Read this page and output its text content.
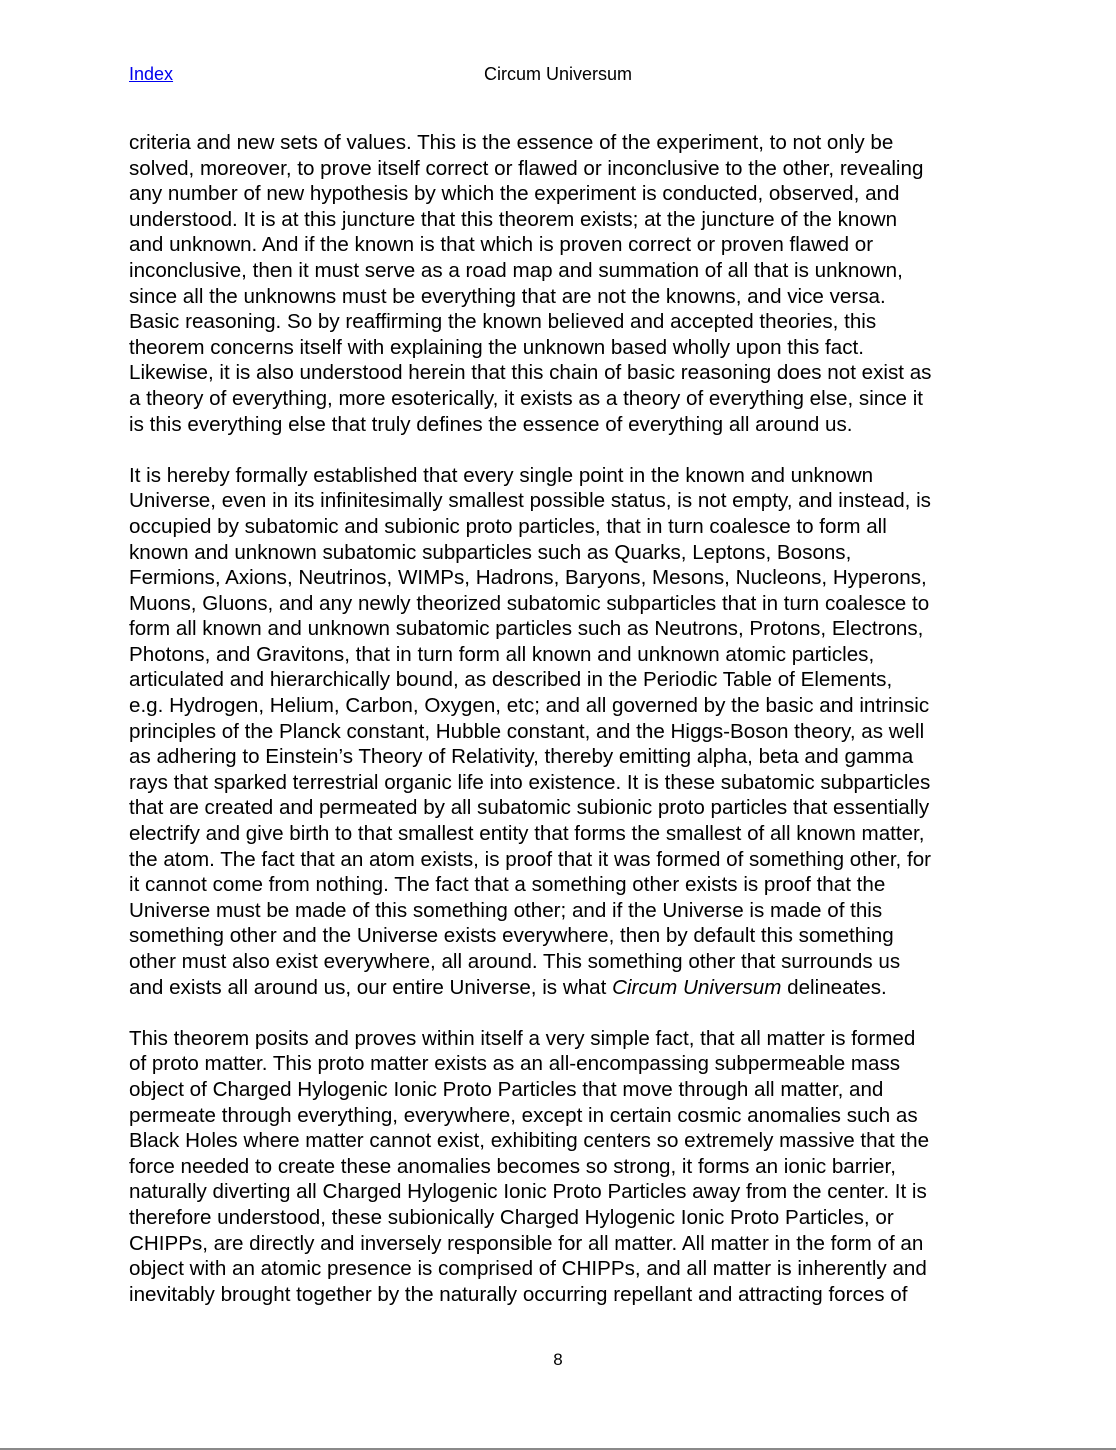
Index	Circum Universum

criteria and new sets of values. This is the essence of the experiment, to not only be
solved, moreover, to prove itself correct or flawed or inconclusive to the other, revealing
any number of new hypothesis by which the experiment is conducted, observed, and
understood. It is at this juncture that this theorem exists; at the juncture of the known
and unknown. And if the known is that which is proven correct or proven flawed or
inconclusive, then it must serve as a road map and summation of all that is unknown,
since all the unknowns must be everything that are not the knowns, and vice versa.
Basic reasoning. So by reaffirming the known believed and accepted theories, this
theorem concerns itself with explaining the unknown based wholly upon this fact.
Likewise, it is also understood herein that this chain of basic reasoning does not exist as
a theory of everything, more esoterically, it exists as a theory of everything else, since it
is this everything else that truly defines the essence of everything all around us.

It is hereby formally established that every single point in the known and unknown
Universe, even in its infinitesimally smallest possible status, is not empty, and instead, is
occupied by subatomic and subionic proto particles, that in turn coalesce to form all
known and unknown subatomic subparticles such as Quarks, Leptons, Bosons,
Fermions, Axions, Neutrinos, WIMPs, Hadrons, Baryons, Mesons, Nucleons, Hyperons,
Muons, Gluons, and any newly theorized subatomic subparticles that in turn coalesce to
form all known and unknown subatomic particles such as Neutrons, Protons, Electrons,
Photons, and Gravitons, that in turn form all known and unknown atomic particles,
articulated and hierarchically bound, as described in the Periodic Table of Elements,
e.g. Hydrogen, Helium, Carbon, Oxygen, etc; and all governed by the basic and intrinsic
principles of the Planck constant, Hubble constant, and the Higgs-Boson theory, as well
as adhering to Einstein’s Theory of Relativity, thereby emitting alpha, beta and gamma
rays that sparked terrestrial organic life into existence. It is these subatomic subparticles
that are created and permeated by all subatomic subionic proto particles that essentially
electrify and give birth to that smallest entity that forms the smallest of all known matter,
the atom. The fact that an atom exists, is proof that it was formed of something other, for
it cannot come from nothing. The fact that a something other exists is proof that the
Universe must be made of this something other; and if the Universe is made of this
something other and the Universe exists everywhere, then by default this something
other must also exist everywhere, all around. This something other that surrounds us
and exists all around us, our entire Universe, is what Circum Universum delineates.

This theorem posits and proves within itself a very simple fact, that all matter is formed
of proto matter. This proto matter exists as an all-encompassing subpermeable mass
object of Charged Hylogenic Ionic Proto Particles that move through all matter, and
permeate through everything, everywhere, except in certain cosmic anomalies such as
Black Holes where matter cannot exist, exhibiting centers so extremely massive that the
force needed to create these anomalies becomes so strong, it forms an ionic barrier,
naturally diverting all Charged Hylogenic Ionic Proto Particles away from the center. It is
therefore understood, these subionically Charged Hylogenic Ionic Proto Particles, or
CHIPPs, are directly and inversely responsible for all matter. All matter in the form of an
object with an atomic presence is comprised of CHIPPs, and all matter is inherently and
inevitably brought together by the naturally occurring repellant and attracting forces of

8
